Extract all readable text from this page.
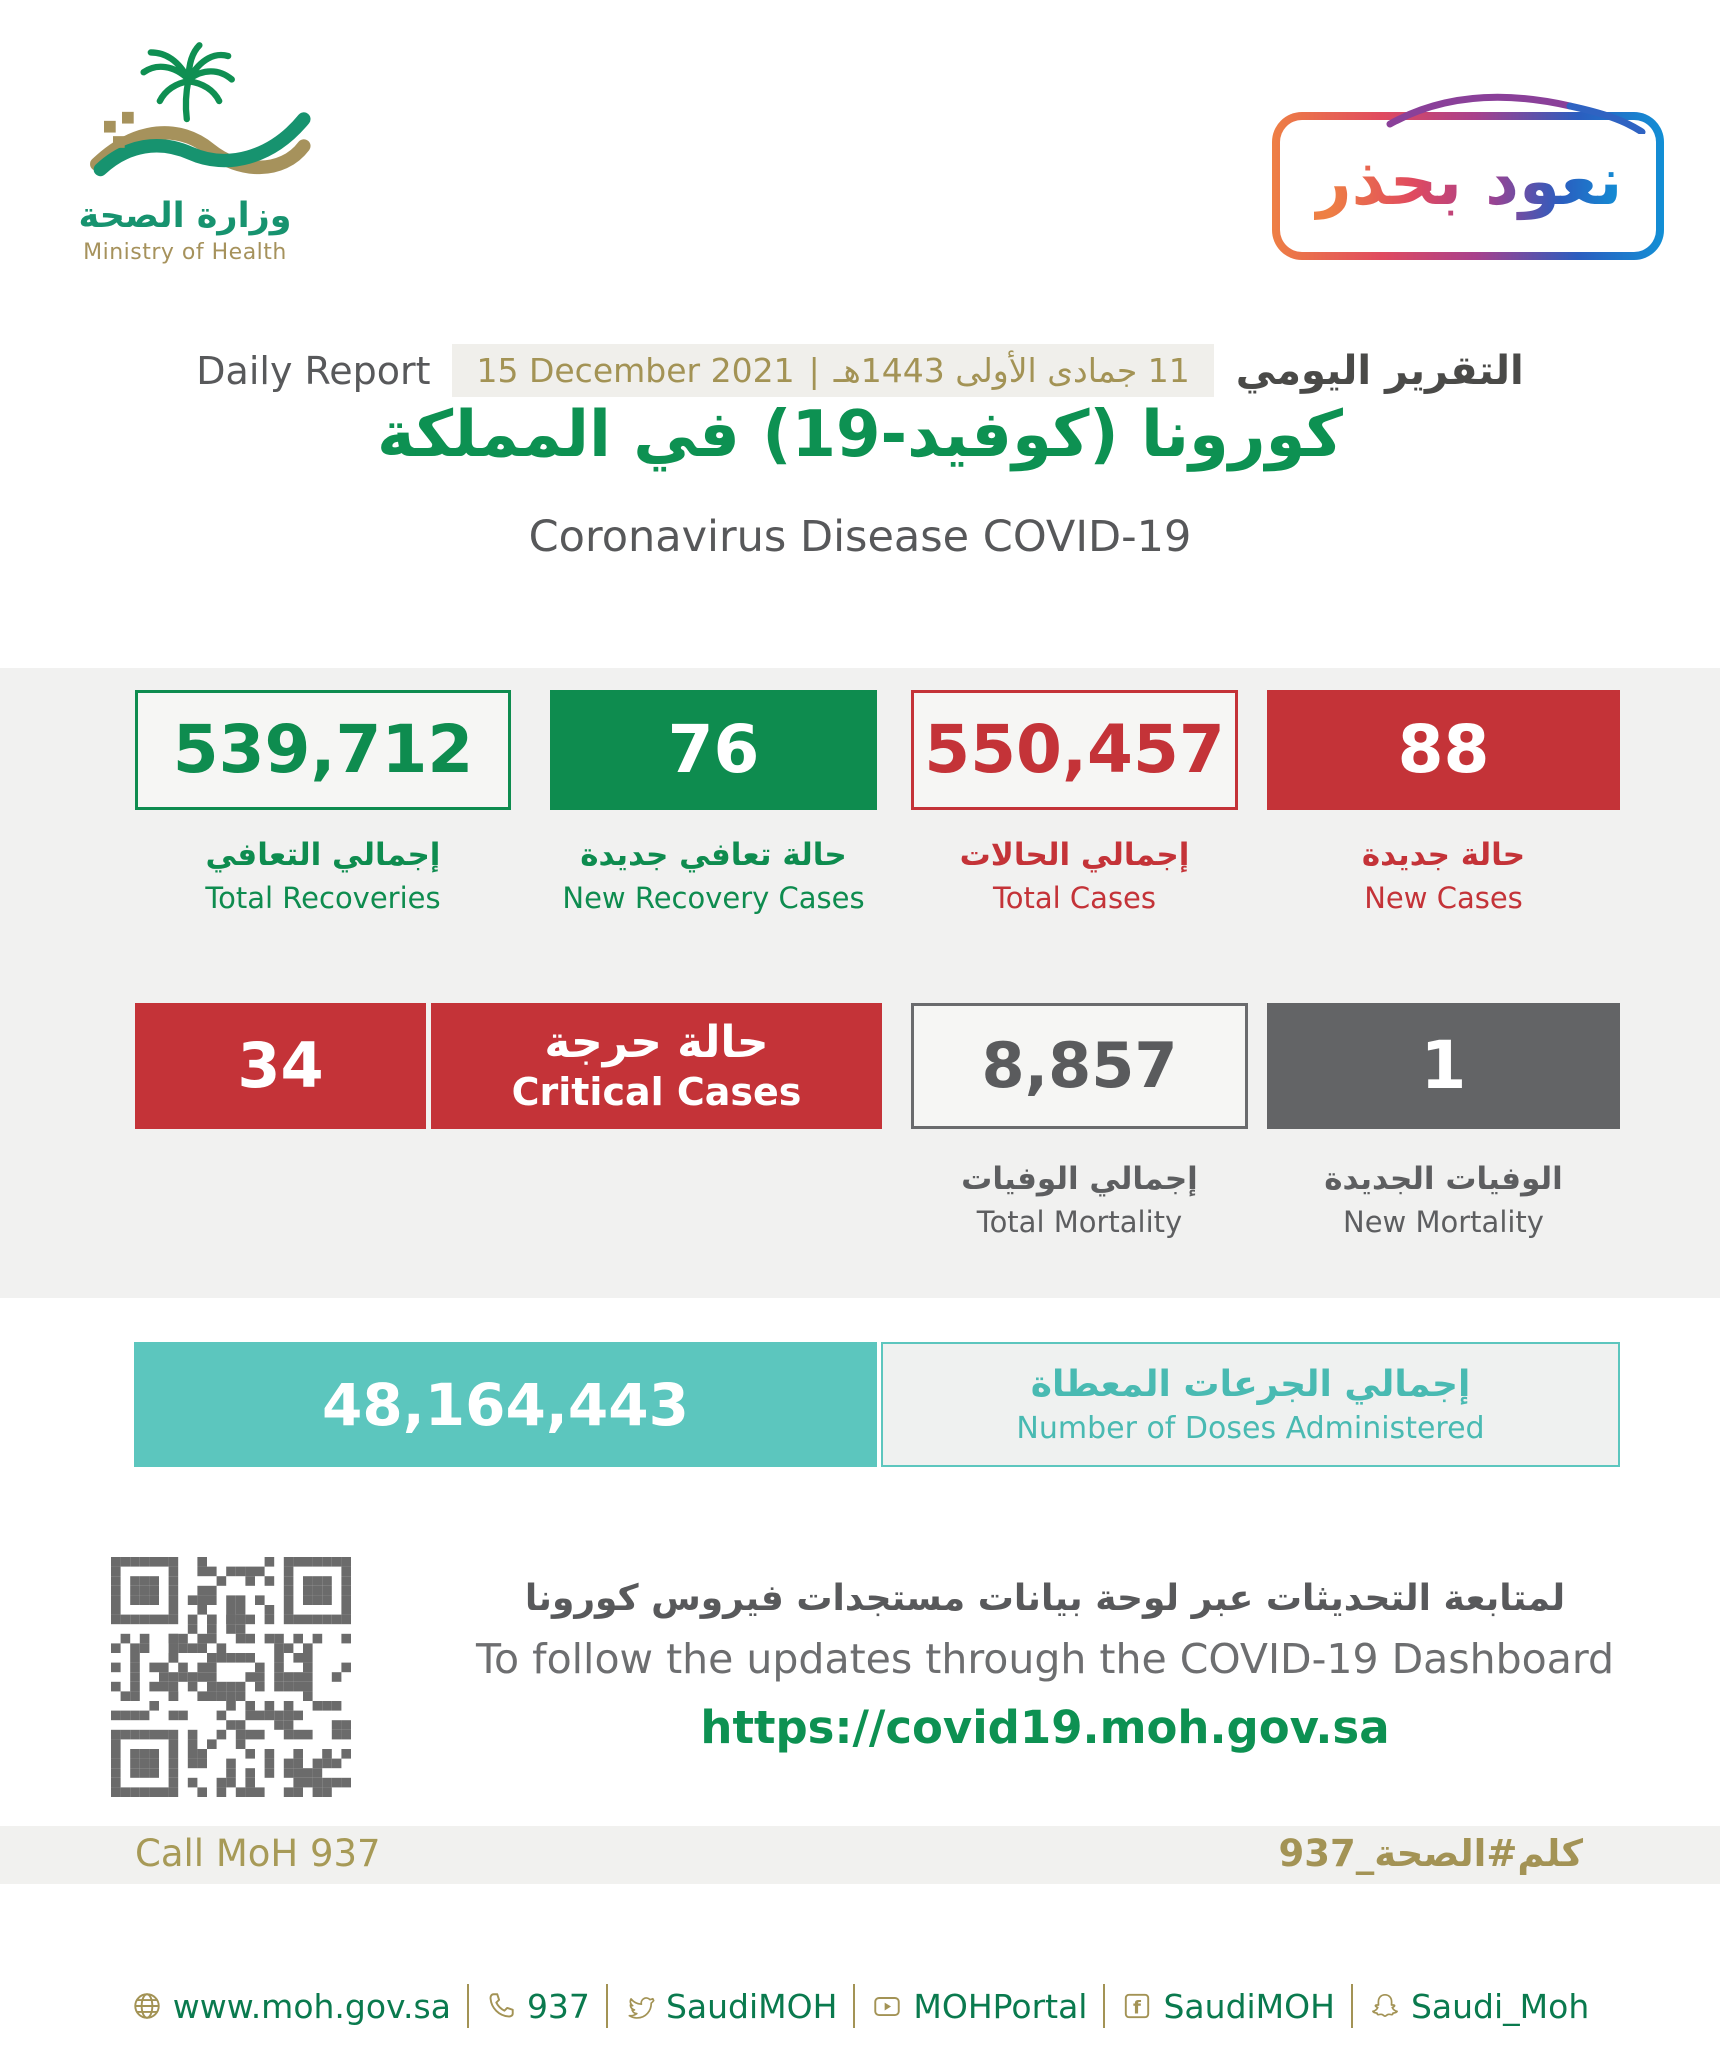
وزارة الصحة
Ministry of Health
نعود بحذر
Daily Report 15 December 2021 | 11 جمادى الأولى 1443هـ التقرير اليومي
كورونا (كوفيد-19) في المملكة
Coronavirus Disease COVID-19
539,712
إجمالي التعافي
Total Recoveries
76
حالة تعافي جديدة
New Recovery Cases
550,457
إجمالي الحالات
Total Cases
88
حالة جديدة
New Cases
34	حالة حرجة
Critical Cases	8,857
إجمالي الوفيات
Total Mortality
1
الوفيات الجديدة
New Mortality
48,164,443	إجمالي الجرعات المعطاة
Number of Doses Administered
لمتابعة التحديثات عبر لوحة بيانات مستجدات فيروس كورونا
To follow the updates through the COVID-19 Dashboard
https://covid19.moh.gov.sa
Call MoH 937	كلم#الصحة_937
www.moh.gov.sa 937 SaudiMOH MOHPortal	f SaudiMOH Saudi_Moh
